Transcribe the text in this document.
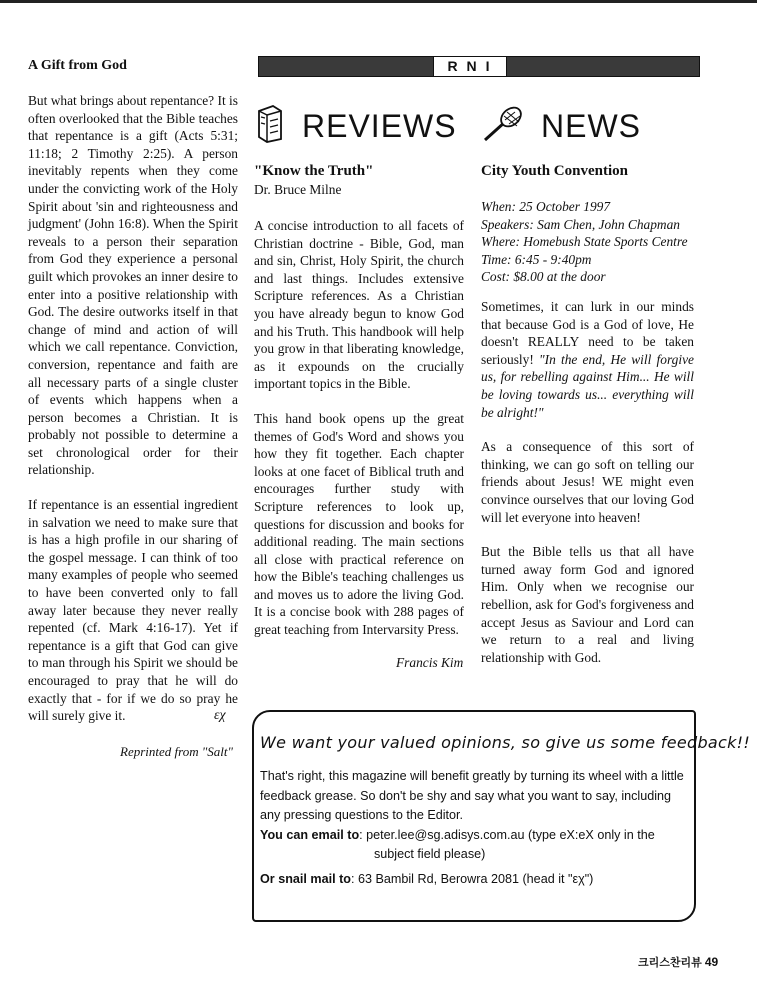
A Gift from God

But what brings about repentance? It is often overlooked that the Bible teaches that repentance is a gift (Acts 5:31; 11:18; 2 Timothy 2:25). A person inevitably repents when they come under the convicting work of the Holy Spirit about 'sin and righteousness and judgment' (John 16:8). When the Spirit reveals to a person their separation from God they experience a personal guilt which provokes an inner desire to enter into a positive relationship with God. The desire outworks itself in that change of mind and action of will which we call repentance. Conviction, conversion, repentance and faith are all necessary parts of a single cluster of events which happens when a person becomes a Christian. It is probably not possible to determine a set chronological order for their relationship.

If repentance is an essential ingredient in salvation we need to make sure that is has a high profile in our sharing of the gospel message. I can think of too many examples of people who seemed to have been converted only to fall away later because they never really repented (cf. Mark 4:16-17). Yet if repentance is a gift that God can give to man through his Spirit we should be encouraged to pray that he will do exactly that - for if we do so pray he will surely give it.	εχ
Reprinted from "Salt"
RNI
REVIEWS
"Know the Truth"
Dr. Bruce Milne

A concise introduction to all facets of Christian doctrine - Bible, God, man and sin, Christ, Holy Spirit, the church and last things. Includes extensive Scripture references. As a Christian you have already begun to know God and his Truth. This handbook will help you grow in that liberating knowledge, as it expounds on the crucially important topics in the Bible.

This hand book opens up the great themes of God's Word and shows you how they fit together. Each chapter looks at one facet of Biblical truth and encourages further study with Scripture references to look up, questions for discussion and books for additional reading. The main sections all close with practical reference on how the Bible's teaching challenges us and moves us to adore the living God. It is a concise book with 288 pages of great teaching from Intervarsity Press.

Francis Kim
NEWS
City Youth Convention
When: 25 October 1997
Speakers: Sam Chen, John Chapman
Where: Homebush State Sports Centre
Time: 6:45 - 9:40pm
Cost: $8.00 at the door

Sometimes, it can lurk in our minds that because God is a God of love, He doesn't REALLY need to be taken seriously! "In the end, He will forgive us, for rebelling against Him... He will be loving towards us... everything will be alright!"

As a consequence of this sort of thinking, we can go soft on telling our friends about Jesus! WE might even convince ourselves that our loving God will let everyone into heaven!

But the Bible tells us that all have turned away form God and ignored Him. Only when we recognise our rebellion, ask for God's forgiveness and accept Jesus as Saviour and Lord can we return to a real and living relationship with God.

We want your valued opinions, so give us some feedback!!

That's right, this magazine will benefit greatly by turning its wheel with a little feedback grease. So don't be shy and say what you want to say, including any pressing questions to the Editor.

You can email to: peter.lee@sg.adisys.com.au (type eX:eX only in the

subject field please)

Or snail mail to: 63 Bambil Rd, Berowra 2081 (head it "εχ")

크리스찬리뷰 49
